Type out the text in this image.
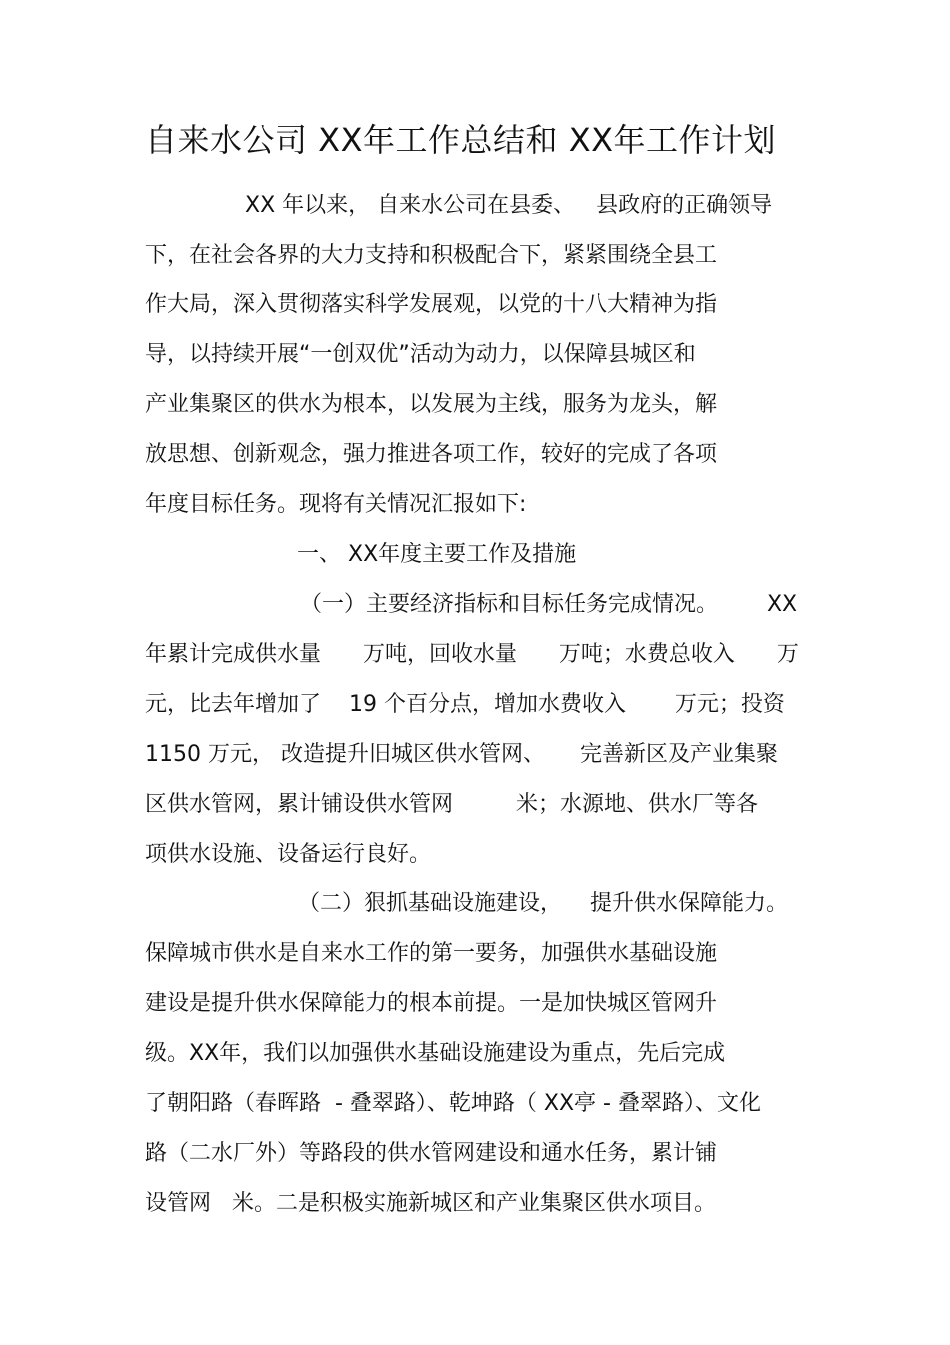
自来水公司 XX年工作总结和 XX年工作计划
XX 年以来， 自来水公司在县委、   县政府的正确领导
下，在社会各界的大力支持和积极配合下，紧紧围绕全县工
作大局，深入贯彻落实科学发展观，以党的十八大精神为指
导，以持续开展“一创双优”活动为动力，以保障县城区和
产业集聚区的供水为根本，以发展为主线，服务为龙头，解
放思想、创新观念，强力推进各项工作，较好的完成了各项
年度目标任务。现将有关情况汇报如下:
一、 XX年度主要工作及措施
（一）主要经济指标和目标任务完成情况。       XX
年累计完成供水量      万吨，回收水量      万吨；水费总收入      万
元，比去年增加了    19 个百分点，增加水费收入       万元；投资
1150 万元， 改造提升旧城区供水管网、     完善新区及产业集聚
区供水管网，累计铺设供水管网         米；水源地、供水厂等各
项供水设施、设备运行良好。
（二）狠抓基础设施建设，    提升供水保障能力。
保障城市供水是自来水工作的第一要务，加强供水基础设施
建设是提升供水保障能力的根本前提。一是加快城区管网升
级。XX年，我们以加强供水基础设施建设为重点，先后完成
了朝阳路（春晖路  - 叠翠路）、乾坤路（ XX亭 - 叠翠路）、文化
路（二水厂外）等路段的供水管网建设和通水任务，累计铺
设管网   米。二是积极实施新城区和产业集聚区供水项目。
